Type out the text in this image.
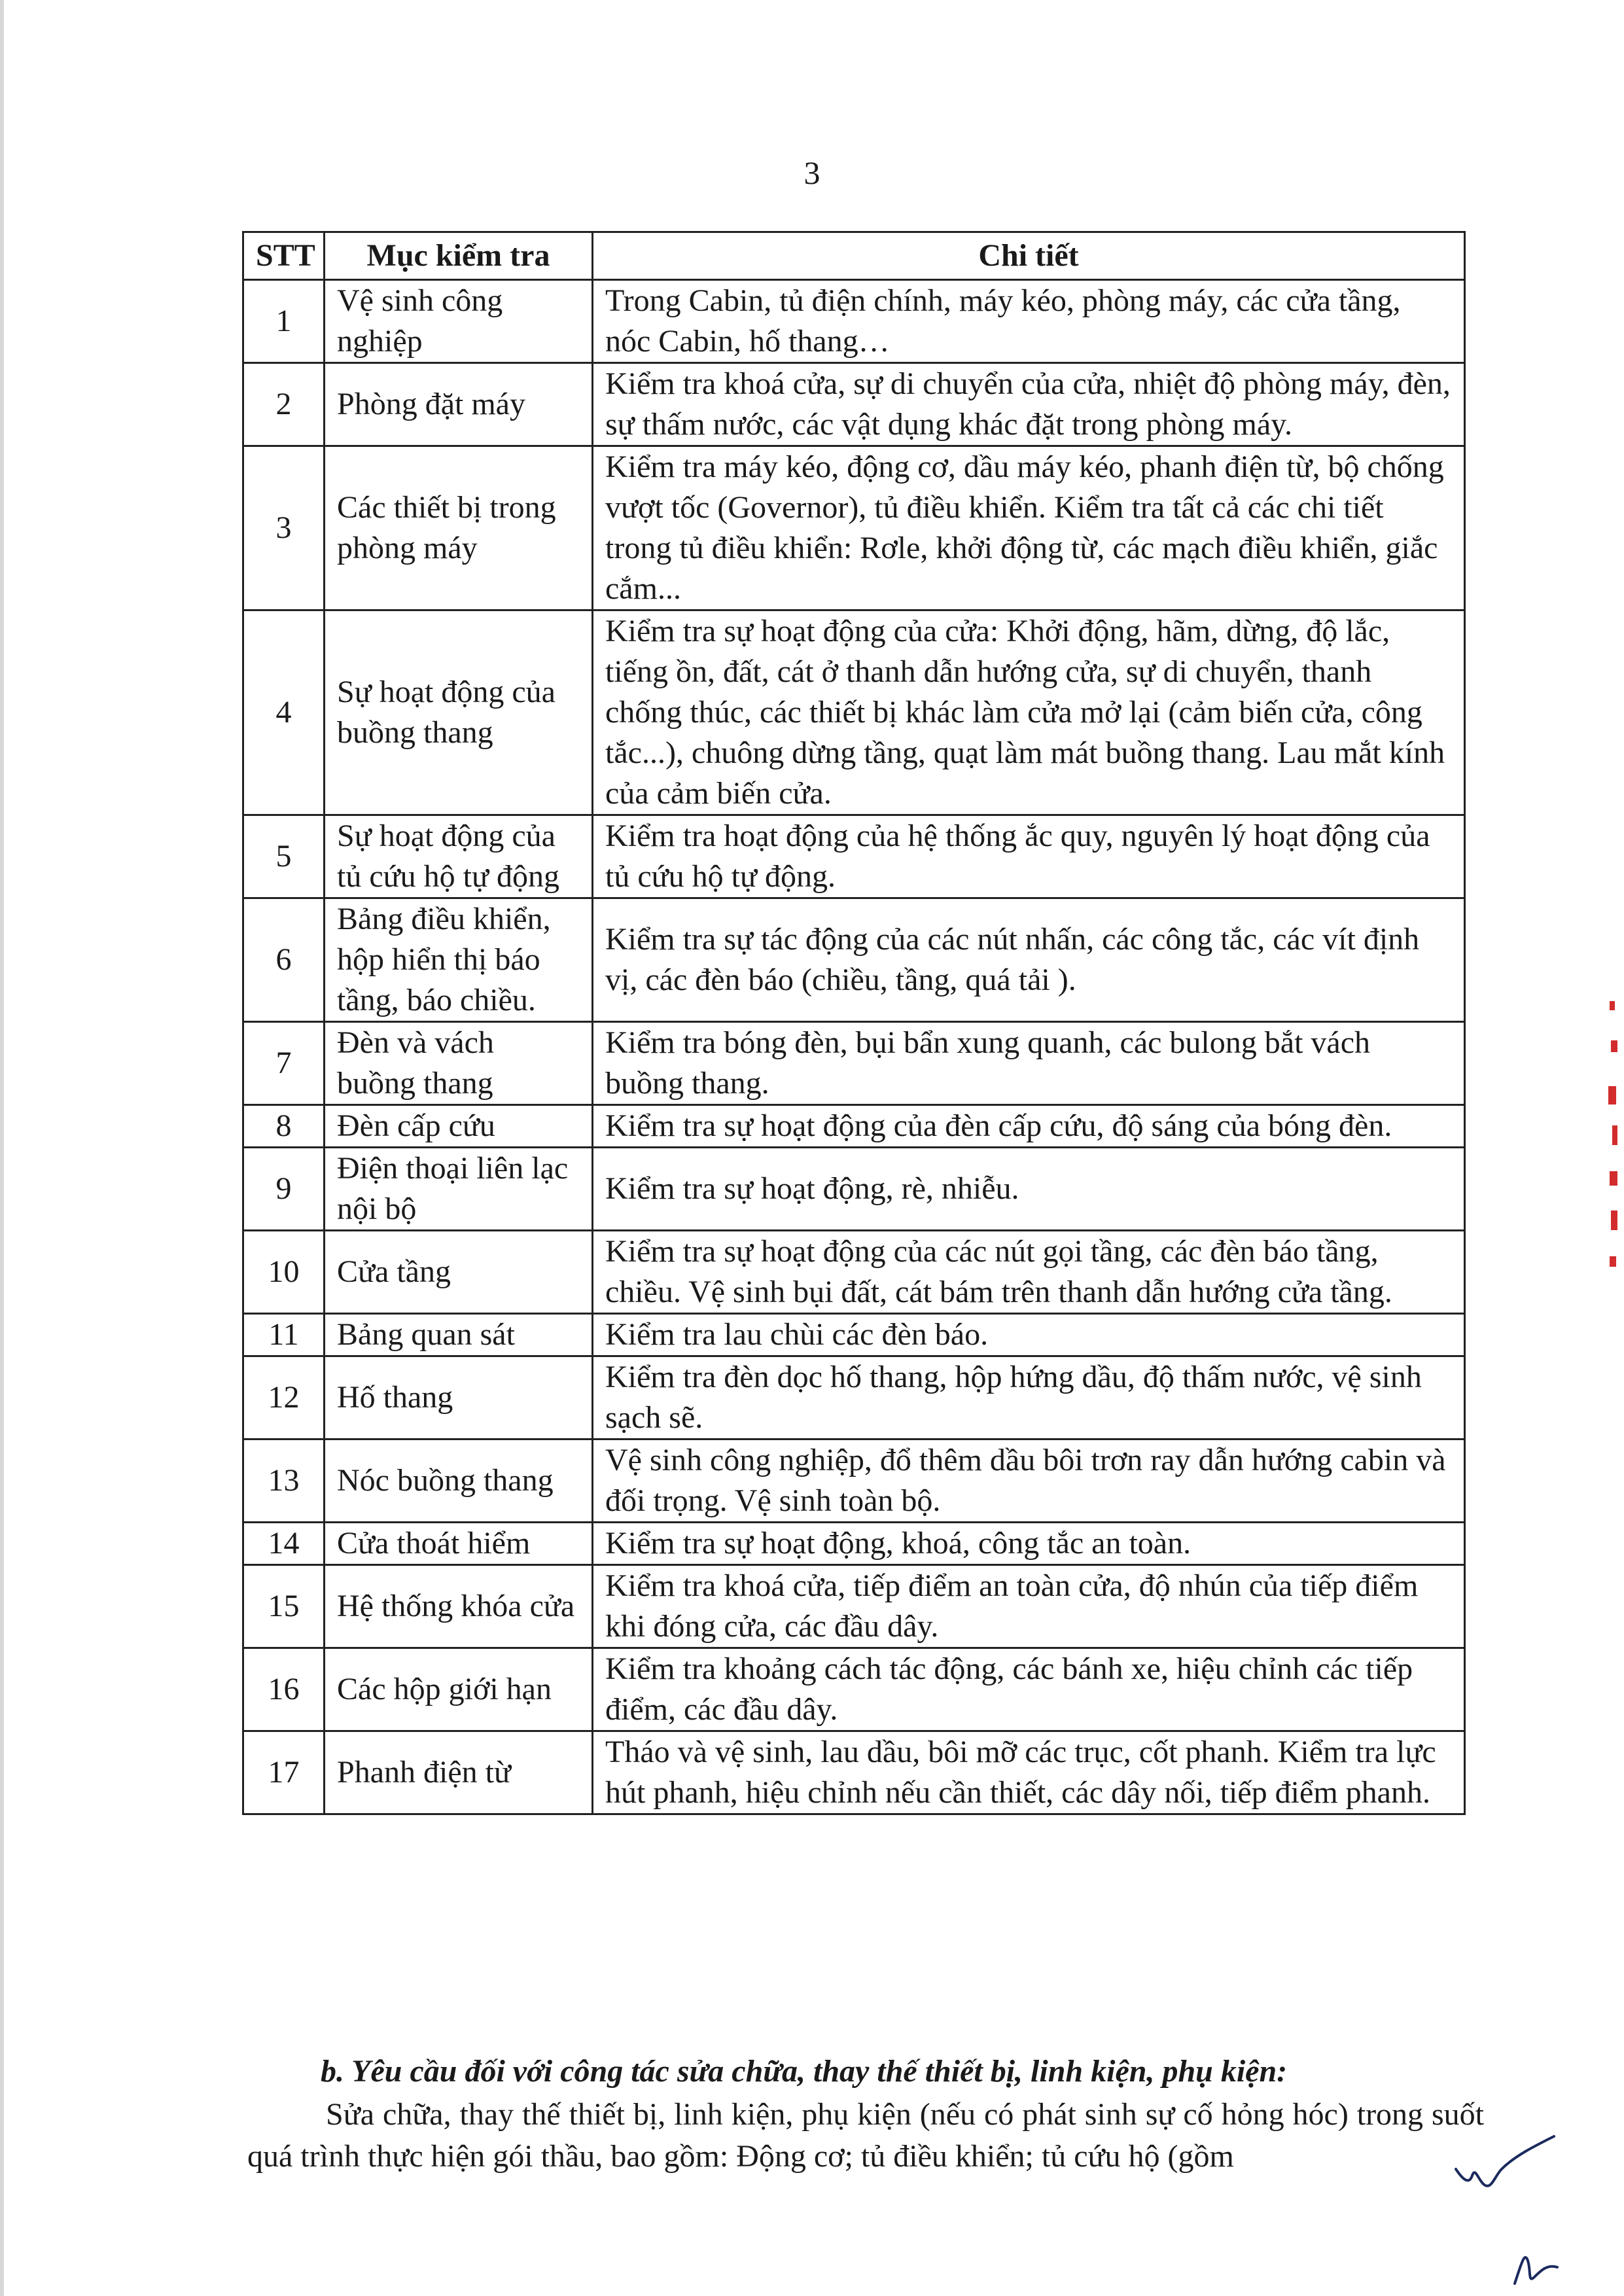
3
STT	Mục kiểm tra	Chi tiết
1	Vệ sinh công nghiệp	Trong Cabin, tủ điện chính, máy kéo, phòng máy, các cửa tầng, nóc Cabin, hố thang…
2	Phòng đặt máy	Kiểm tra khoá cửa, sự di chuyển của cửa, nhiệt độ phòng máy, đèn, sự thấm nước, các vật dụng khác đặt trong phòng máy.
3	Các thiết bị trong phòng máy	Kiểm tra máy kéo, động cơ, dầu máy kéo, phanh điện từ, bộ chống vượt tốc (Governor), tủ điều khiển. Kiểm tra tất cả các chi tiết trong tủ điều khiển: Rơle, khởi động từ, các mạch điều khiển, giắc cắm...
4	Sự hoạt động của buồng thang	Kiểm tra sự hoạt động của cửa: Khởi động, hãm, dừng, độ lắc, tiếng ồn, đất, cát ở thanh dẫn hướng cửa, sự di chuyển, thanh chống thúc, các thiết bị khác làm cửa mở lại (cảm biến cửa, công tắc...), chuông dừng tầng, quạt làm mát buồng thang. Lau mắt kính của cảm biến cửa.
5	Sự hoạt động của tủ cứu hộ tự động	Kiểm tra hoạt động của hệ thống ắc quy, nguyên lý hoạt động của tủ cứu hộ tự động.
6	Bảng điều khiển, hộp hiển thị báo tầng, báo chiều.	Kiểm tra sự tác động của các nút nhấn, các công tắc, các vít định vị, các đèn báo (chiều, tầng, quá tải ).
7	Đèn và vách buồng thang	Kiểm tra bóng đèn, bụi bẩn xung quanh, các bulong bắt vách buồng thang.
8	Đèn cấp cứu	Kiểm tra sự hoạt động của đèn cấp cứu, độ sáng của bóng đèn.
9	Điện thoại liên lạc nội bộ	Kiểm tra sự hoạt động, rè, nhiễu.
10	Cửa tầng	Kiểm tra sự hoạt động của các nút gọi tầng, các đèn báo tầng, chiều. Vệ sinh bụi đất, cát bám trên thanh dẫn hướng cửa tầng.
11	Bảng quan sát	Kiểm tra lau chùi các đèn báo.
12	Hố thang	Kiểm tra đèn dọc hố thang, hộp hứng dầu, độ thấm nước, vệ sinh sạch sẽ.
13	Nóc buồng thang	Vệ sinh công nghiệp, đổ thêm dầu bôi trơn ray dẫn hướng cabin và đối trọng. Vệ sinh toàn bộ.
14	Cửa thoát hiểm	Kiểm tra sự hoạt động, khoá, công tắc an toàn.
15	Hệ thống khóa cửa	Kiểm tra khoá cửa, tiếp điểm an toàn cửa, độ nhún của tiếp điểm khi đóng cửa, các đầu dây.
16	Các hộp giới hạn	Kiểm tra khoảng cách tác động, các bánh xe, hiệu chỉnh các tiếp điểm, các đầu dây.
17	Phanh điện từ	Tháo và vệ sinh, lau dầu, bôi mỡ các trục, cốt phanh. Kiểm tra lực hút phanh, hiệu chỉnh nếu cần thiết, các dây nối, tiếp điểm phanh.
b. Yêu cầu đối với công tác sửa chữa, thay thế thiết bị, linh kiện, phụ kiện:
Sửa chữa, thay thế thiết bị, linh kiện, phụ kiện (nếu có phát sinh sự cố hỏng hóc) trong suốt quá trình thực hiện gói thầu, bao gồm: Động cơ; tủ điều khiển; tủ cứu hộ (gồm
